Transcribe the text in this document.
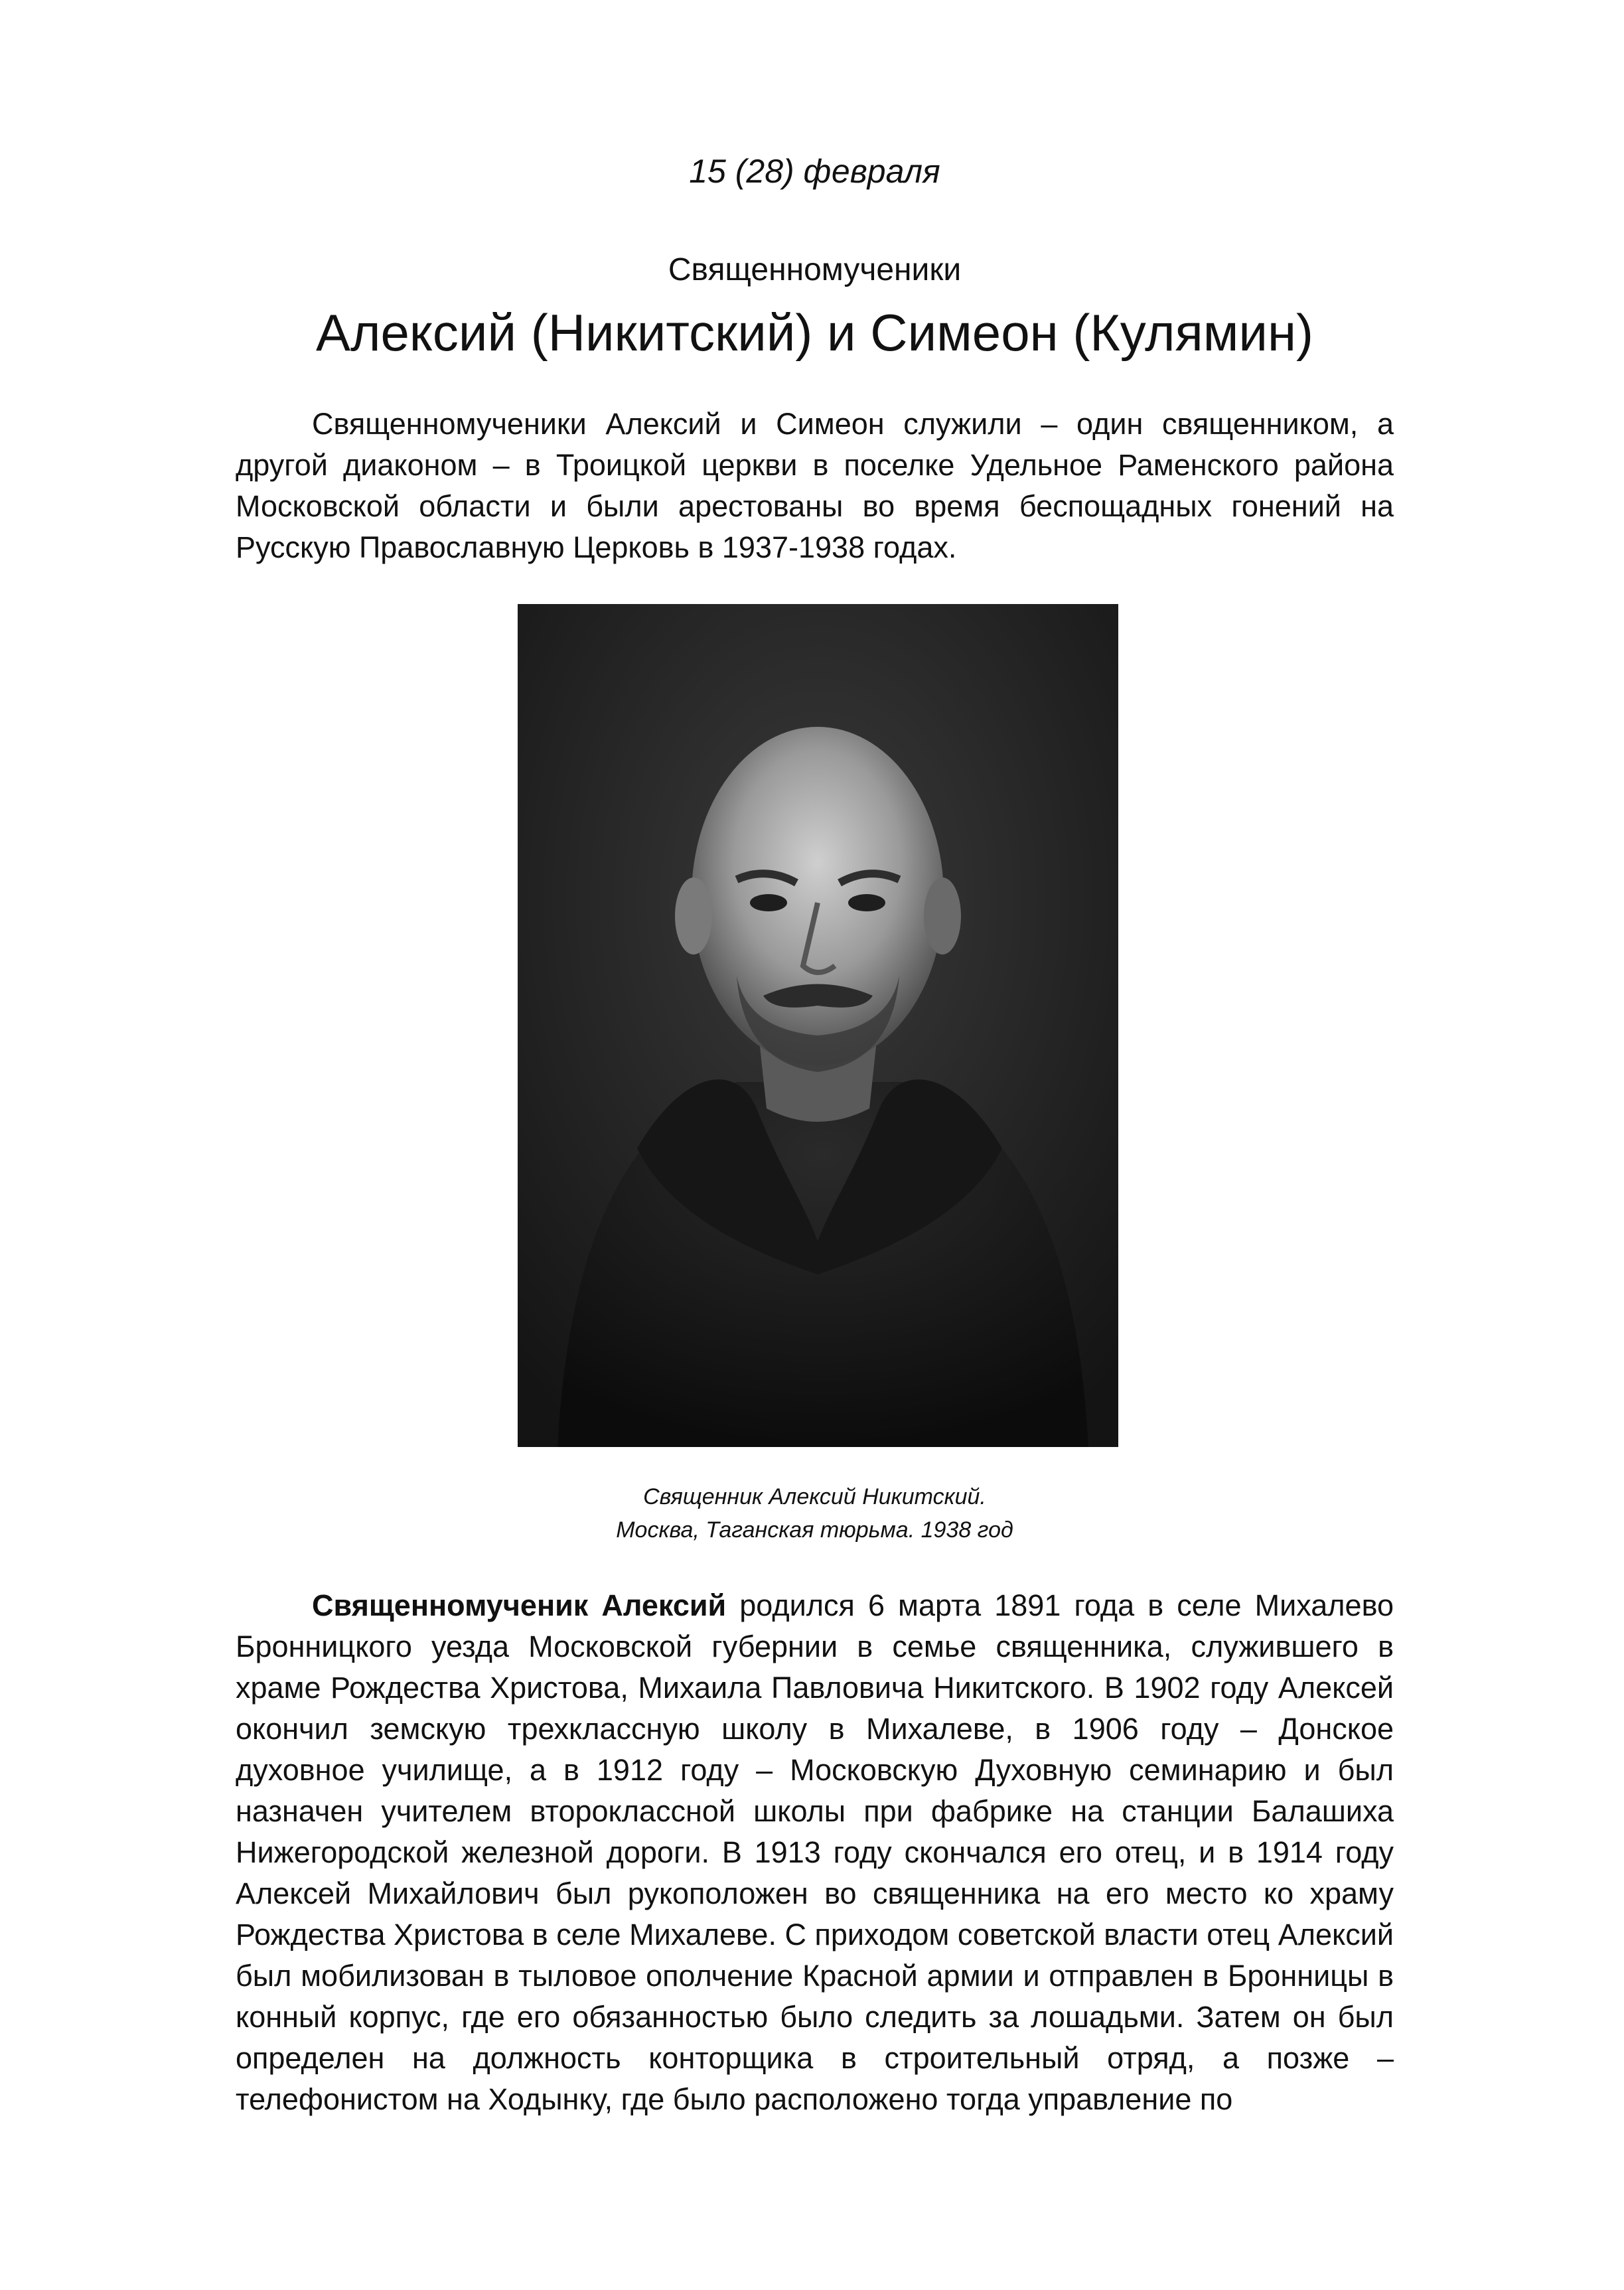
15 (28) февраля
Священномученики
Алексий (Никитский) и Симеон (Кулямин)

Священномученики Алексий и Симеон служили – один священником, а другой диаконом – в Троицкой церкви в поселке Удельное Раменского района Московской области и были арестованы во время беспощадных гонений на Русскую Православную Церковь в 1937-1938 годах.

Священник Алексий Никитский.
Москва, Таганская тюрьма. 1938 год

Священномученик Алексий родился 6 марта 1891 года в селе Михалево Бронницкого уезда Московской губернии в семье священника, служившего в храме Рождества Христова, Михаила Павловича Никитского. В 1902 году Алексей окончил земскую трехклассную школу в Михалеве, в 1906 году – Донское духовное училище, а в 1912 году – Московскую Духовную семинарию и был назначен учителем второклассной школы при фабрике на станции Балашиха Нижегородской железной дороги. В 1913 году скончался его отец, и в 1914 году Алексей Михайлович был рукоположен во священника на его место ко храму Рождества Христова в селе Михалеве. С приходом советской власти отец Алексий был мобилизован в тыловое ополчение Красной армии и отправлен в Бронницы в конный корпус, где его обязанностью было следить за лошадьми. Затем он был определен на должность конторщика в строительный отряд, а позже – телефонистом на Ходынку, где было расположено тогда управление по
